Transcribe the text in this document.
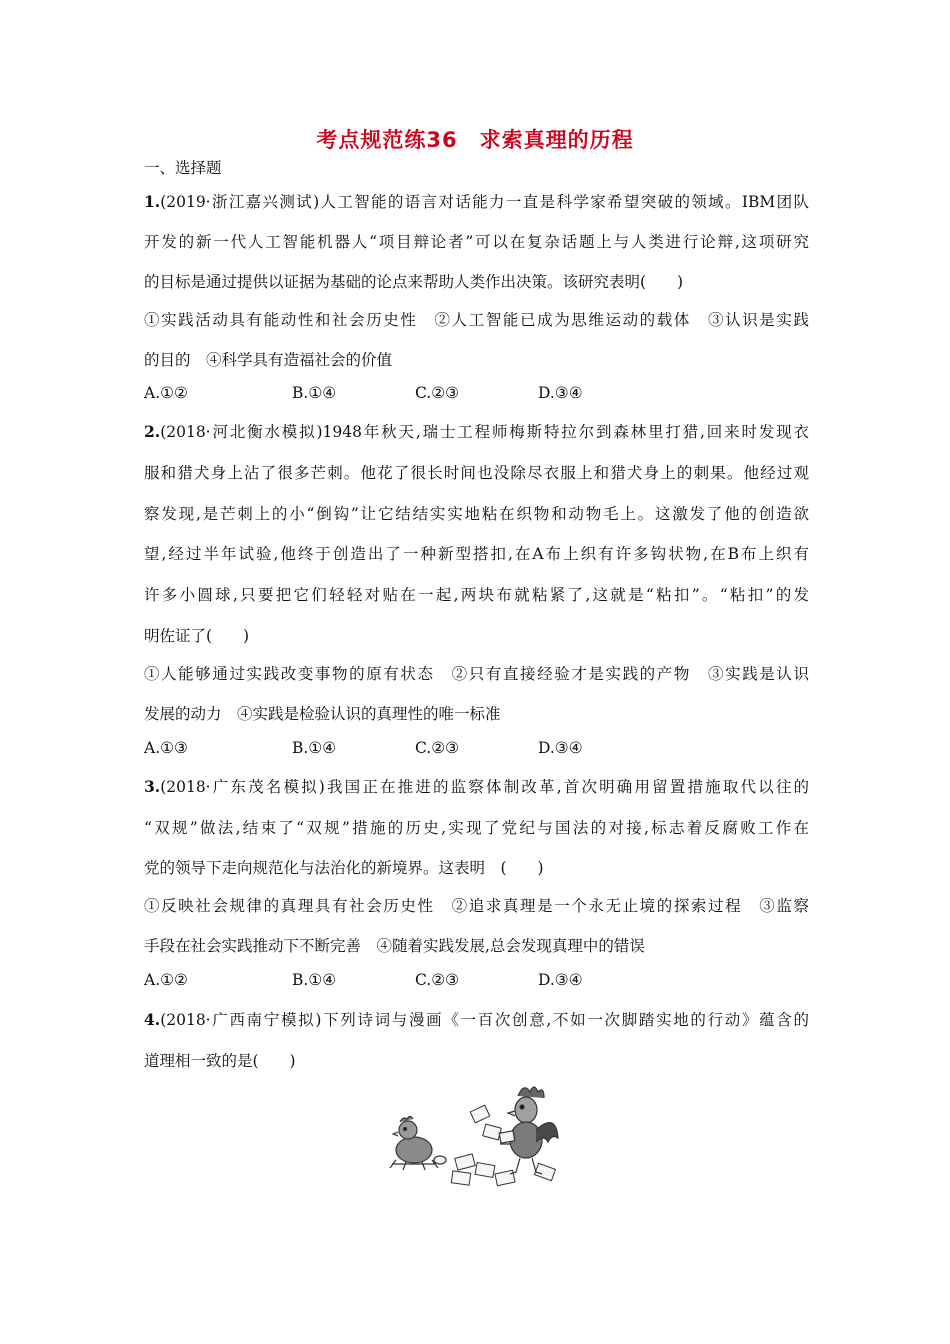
考点规范练36 求索真理的历程
一、选择题
1.(2019·浙江嘉兴测试)人工智能的语言对话能力一直是科学家希望突破的领域。IBM团队
开发的新一代人工智能机器人“项目辩论者”可以在复杂话题上与人类进行论辩,这项研究
的目标是通过提供以证据为基础的论点来帮助人类作出决策。该研究表明(　　)
①实践活动具有能动性和社会历史性　②人工智能已成为思维运动的载体　③认识是实践
的目的　④科学具有造福社会的价值
A.①②	B.①④	C.②③	D.③④
2.(2018·河北衡水模拟)1948年秋天,瑞士工程师梅斯特拉尔到森林里打猎,回来时发现衣
服和猎犬身上沾了很多芒刺。他花了很长时间也没除尽衣服上和猎犬身上的刺果。他经过观
察发现,是芒刺上的小“倒钩”让它结结实实地粘在织物和动物毛上。这激发了他的创造欲
望,经过半年试验,他终于创造出了一种新型搭扣,在A布上织有许多钩状物,在B布上织有
许多小圆球,只要把它们轻轻对贴在一起,两块布就粘紧了,这就是“粘扣”。“粘扣”的发
明佐证了(　　)
①人能够通过实践改变事物的原有状态　②只有直接经验才是实践的产物　③实践是认识
发展的动力　④实践是检验认识的真理性的唯一标准
A.①③	B.①④	C.②③	D.③④
3.(2018·广东茂名模拟)我国正在推进的监察体制改革,首次明确用留置措施取代以往的
“双规”做法,结束了“双规”措施的历史,实现了党纪与国法的对接,标志着反腐败工作在
党的领导下走向规范化与法治化的新境界。这表明　(　　)
①反映社会规律的真理具有社会历史性　②追求真理是一个永无止境的探索过程　③监察
手段在社会实践推动下不断完善　④随着实践发展,总会发现真理中的错误
A.①②	B.①④	C.②③	D.③④
4.(2018·广西南宁模拟)下列诗词与漫画《一百次创意,不如一次脚踏实地的行动》蕴含的
道理相一致的是(　　)
